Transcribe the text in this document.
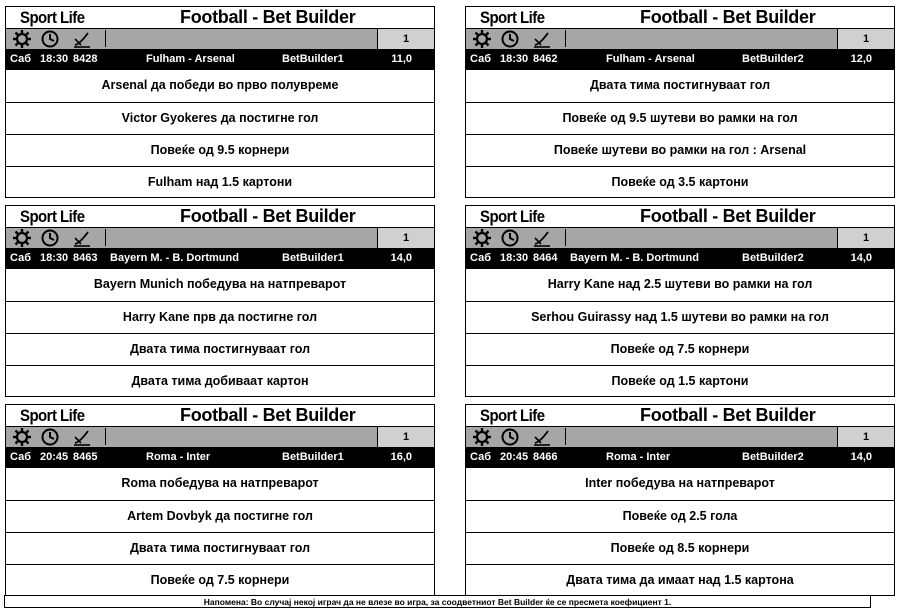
Sport Life	Football - Bet Builder
1
Саб 18:30 8428	Fulham - Arsenal	BetBuilder1	11,0
Arsenal да победи во прво полувреме
Victor Gyokeres да постигне гол
Повеќе од 9.5 корнери
Fulham над 1.5 картони
Sport Life	Football - Bet Builder
1
Саб 18:30 8462	Fulham - Arsenal	BetBuilder2	12,0
Двата тима постигнуваат гол
Повеќе од 9.5 шутеви во рамки на гол
Повеќе шутеви во рамки на гол : Arsenal
Повеќе од 3.5 картони
Sport Life	Football - Bet Builder
1
Саб 18:30 8463 Bayern M. - B. Dortmund	BetBuilder1	14,0
Bayern Munich победува на натпреварот
Harry Kane прв да постигне гол
Двата тима постигнуваат гол
Двата тима добиваат картон
Sport Life	Football - Bet Builder
1
Саб 18:30 8464 Bayern M. - B. Dortmund	BetBuilder2	14,0
Harry Kane над 2.5 шутеви во рамки на гол
Serhou Guirassy над 1.5 шутеви во рамки на гол
Повеќе од 7.5 корнери
Повеќе од 1.5 картони
Sport Life	Football - Bet Builder
1
Саб 20:45 8465	Roma - Inter	BetBuilder1	16,0
Roma победува на натпреварот
Artem Dovbyk да постигне гол
Двата тима постигнуваат гол
Повеќе од 7.5 корнери
Sport Life	Football - Bet Builder
1
Саб 20:45 8466	Roma - Inter	BetBuilder2	14,0
Inter победува на натпреварот
Повеќе од 2.5 гола
Повеќе од 8.5 корнери
Двата тима да имаат над 1.5 картона
Напомена: Во случај некој играч да не влезе во игра, за соодветниот Bet Builder ќе се пресмета коефициент 1.
